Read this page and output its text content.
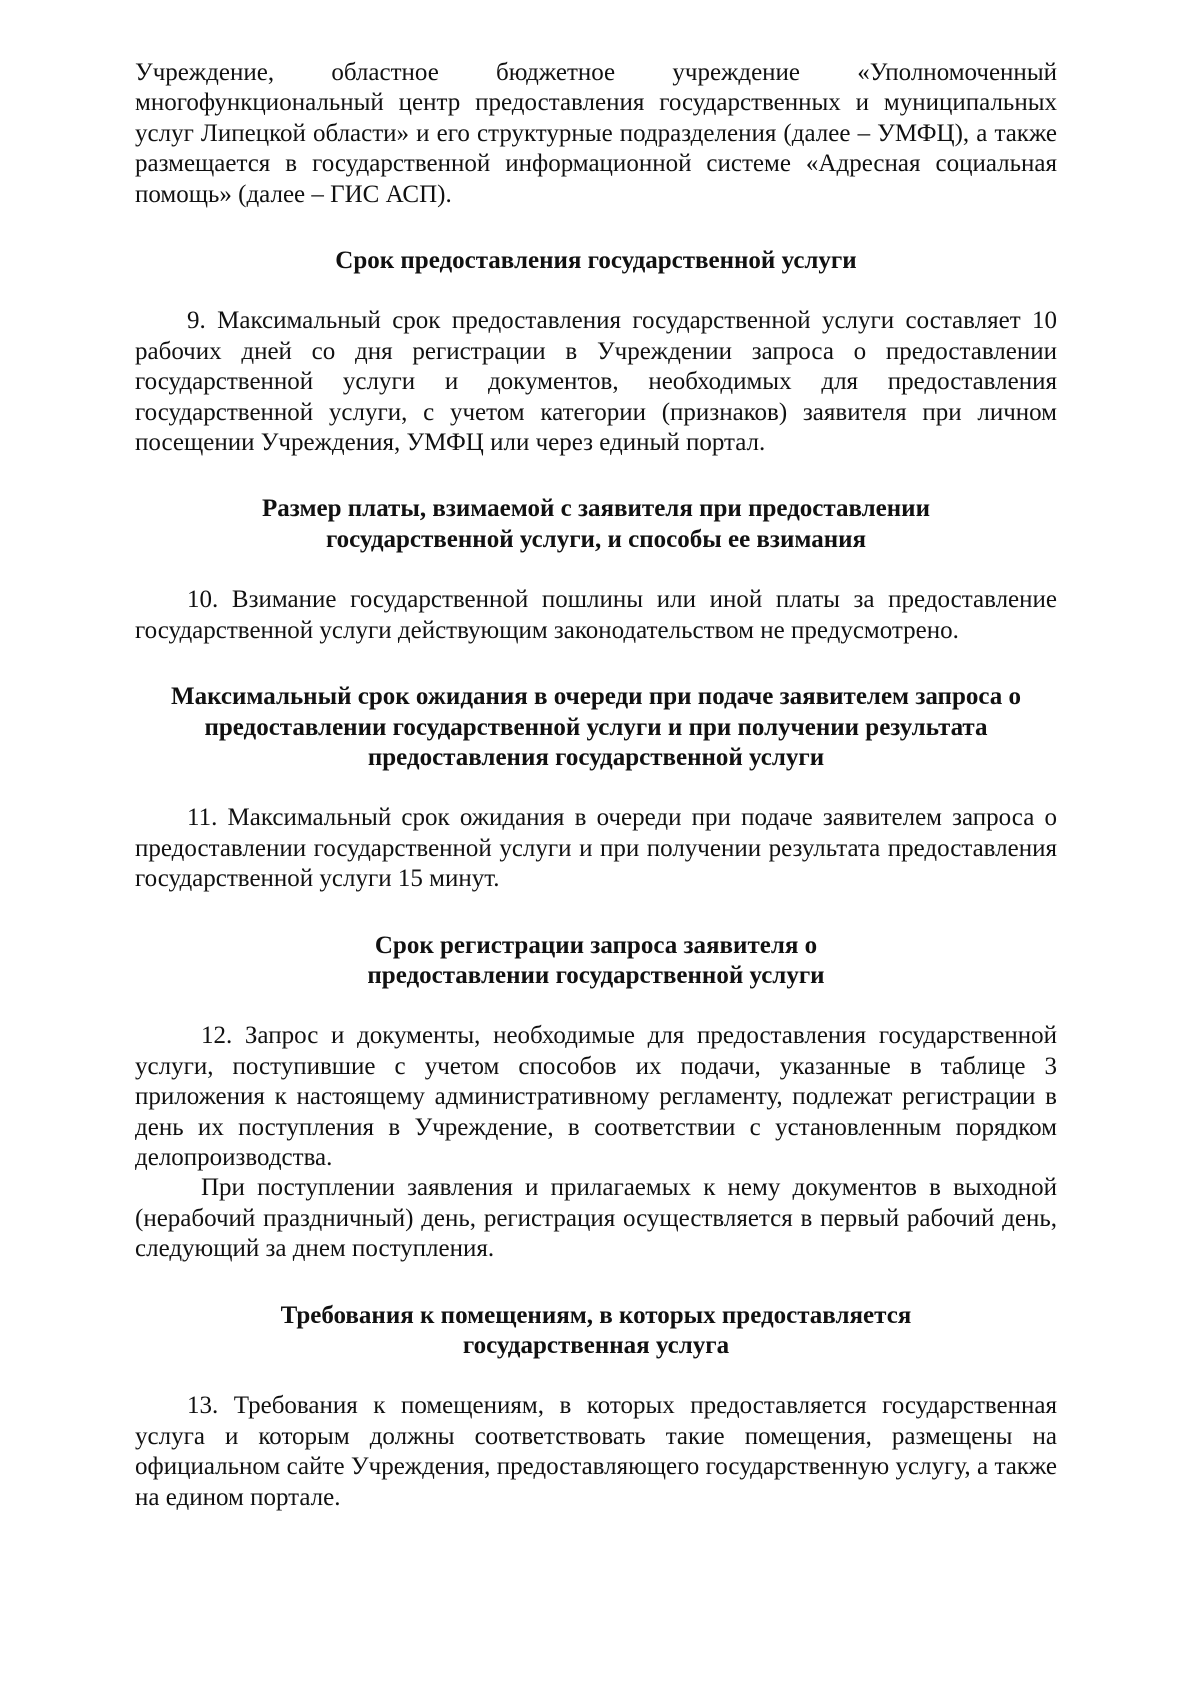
Учреждение, областное бюджетное учреждение «Уполномоченный многофункциональный центр предоставления государственных и муниципальных услуг Липецкой области» и его структурные подразделения (далее – УМФЦ), а также размещается в государственной информационной системе «Адресная социальная помощь» (далее – ГИС АСП).

Срок предоставления государственной услуги

9. Максимальный срок предоставления государственной услуги составляет 10 рабочих дней со дня регистрации в Учреждении запроса о предоставлении государственной услуги и документов, необходимых для предоставления государственной услуги, с учетом категории (признаков) заявителя при личном посещении Учреждения, УМФЦ или через единый портал.

Размер платы, взимаемой с заявителя при предоставлении государственной услуги, и способы ее взимания

10. Взимание государственной пошлины или иной платы за предоставление государственной услуги действующим законодательством не предусмотрено.

Максимальный срок ожидания в очереди при подаче заявителем запроса о предоставлении государственной услуги и при получении результата предоставления государственной услуги

11. Максимальный срок ожидания в очереди при подаче заявителем запроса о предоставлении государственной услуги и при получении результата предоставления государственной услуги 15 минут.

Срок регистрации запроса заявителя о предоставлении государственной услуги

12. Запрос и документы, необходимые для предоставления государственной услуги, поступившие с учетом способов их подачи, указанные в таблице 3 приложения к настоящему административному регламенту, подлежат регистрации в день их поступления в Учреждение, в соответствии с установленным порядком делопроизводства.

При поступлении заявления и прилагаемых к нему документов в выходной (нерабочий праздничный) день, регистрация осуществляется в первый рабочий день, следующий за днем поступления.

Требования к помещениям, в которых предоставляется государственная услуга

13. Требования к помещениям, в которых предоставляется государственная услуга и которым должны соответствовать такие помещения, размещены на официальном сайте Учреждения, предоставляющего государственную услугу, а также на едином портале.
